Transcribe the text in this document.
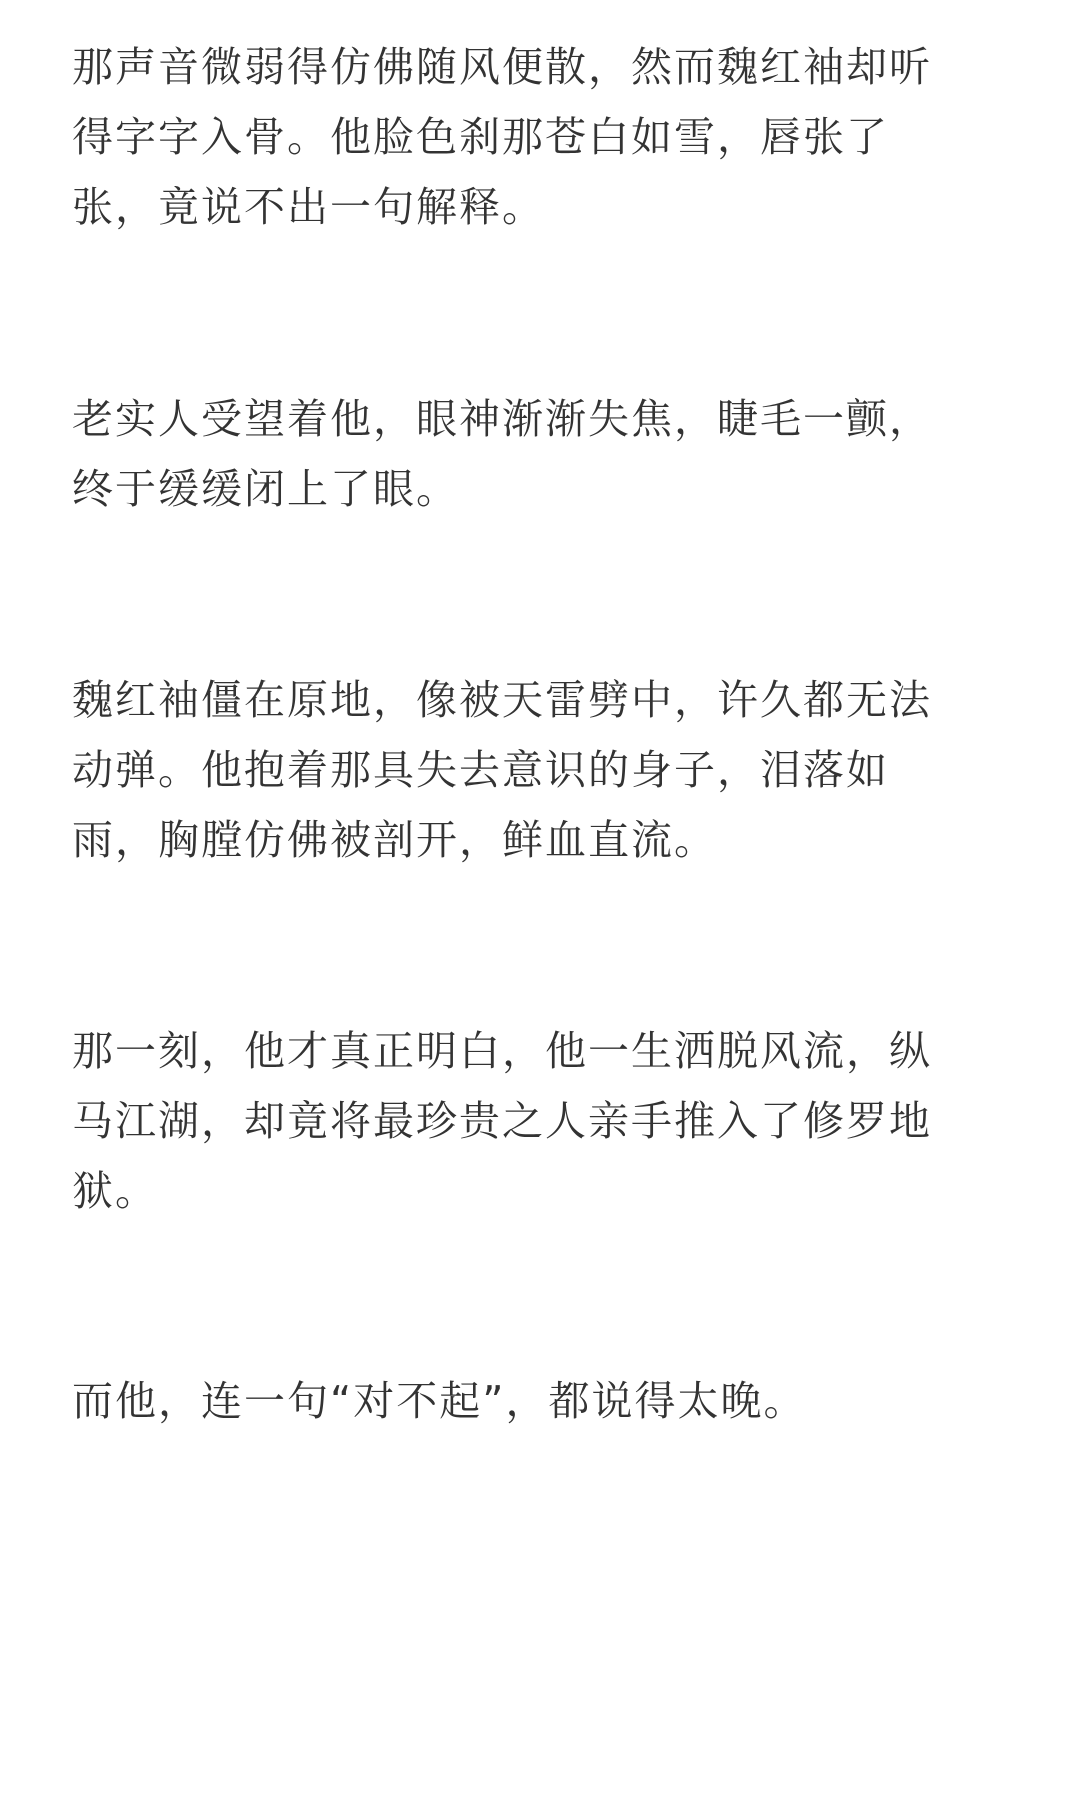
那声音微弱得仿佛随风便散，然而魏红袖却听
得字字入骨。他脸色刹那苍白如雪，唇张了
张，竟说不出一句解释。

老实人受望着他，眼神渐渐失焦，睫毛一颤，
终于缓缓闭上了眼。

魏红袖僵在原地，像被天雷劈中，许久都无法
动弹。他抱着那具失去意识的身子，泪落如
雨，胸膛仿佛被剖开，鲜血直流。

那一刻，他才真正明白，他一生洒脱风流，纵
马江湖，却竟将最珍贵之人亲手推入了修罗地
狱。

而他，连一句“对不起”，都说得太晚。
